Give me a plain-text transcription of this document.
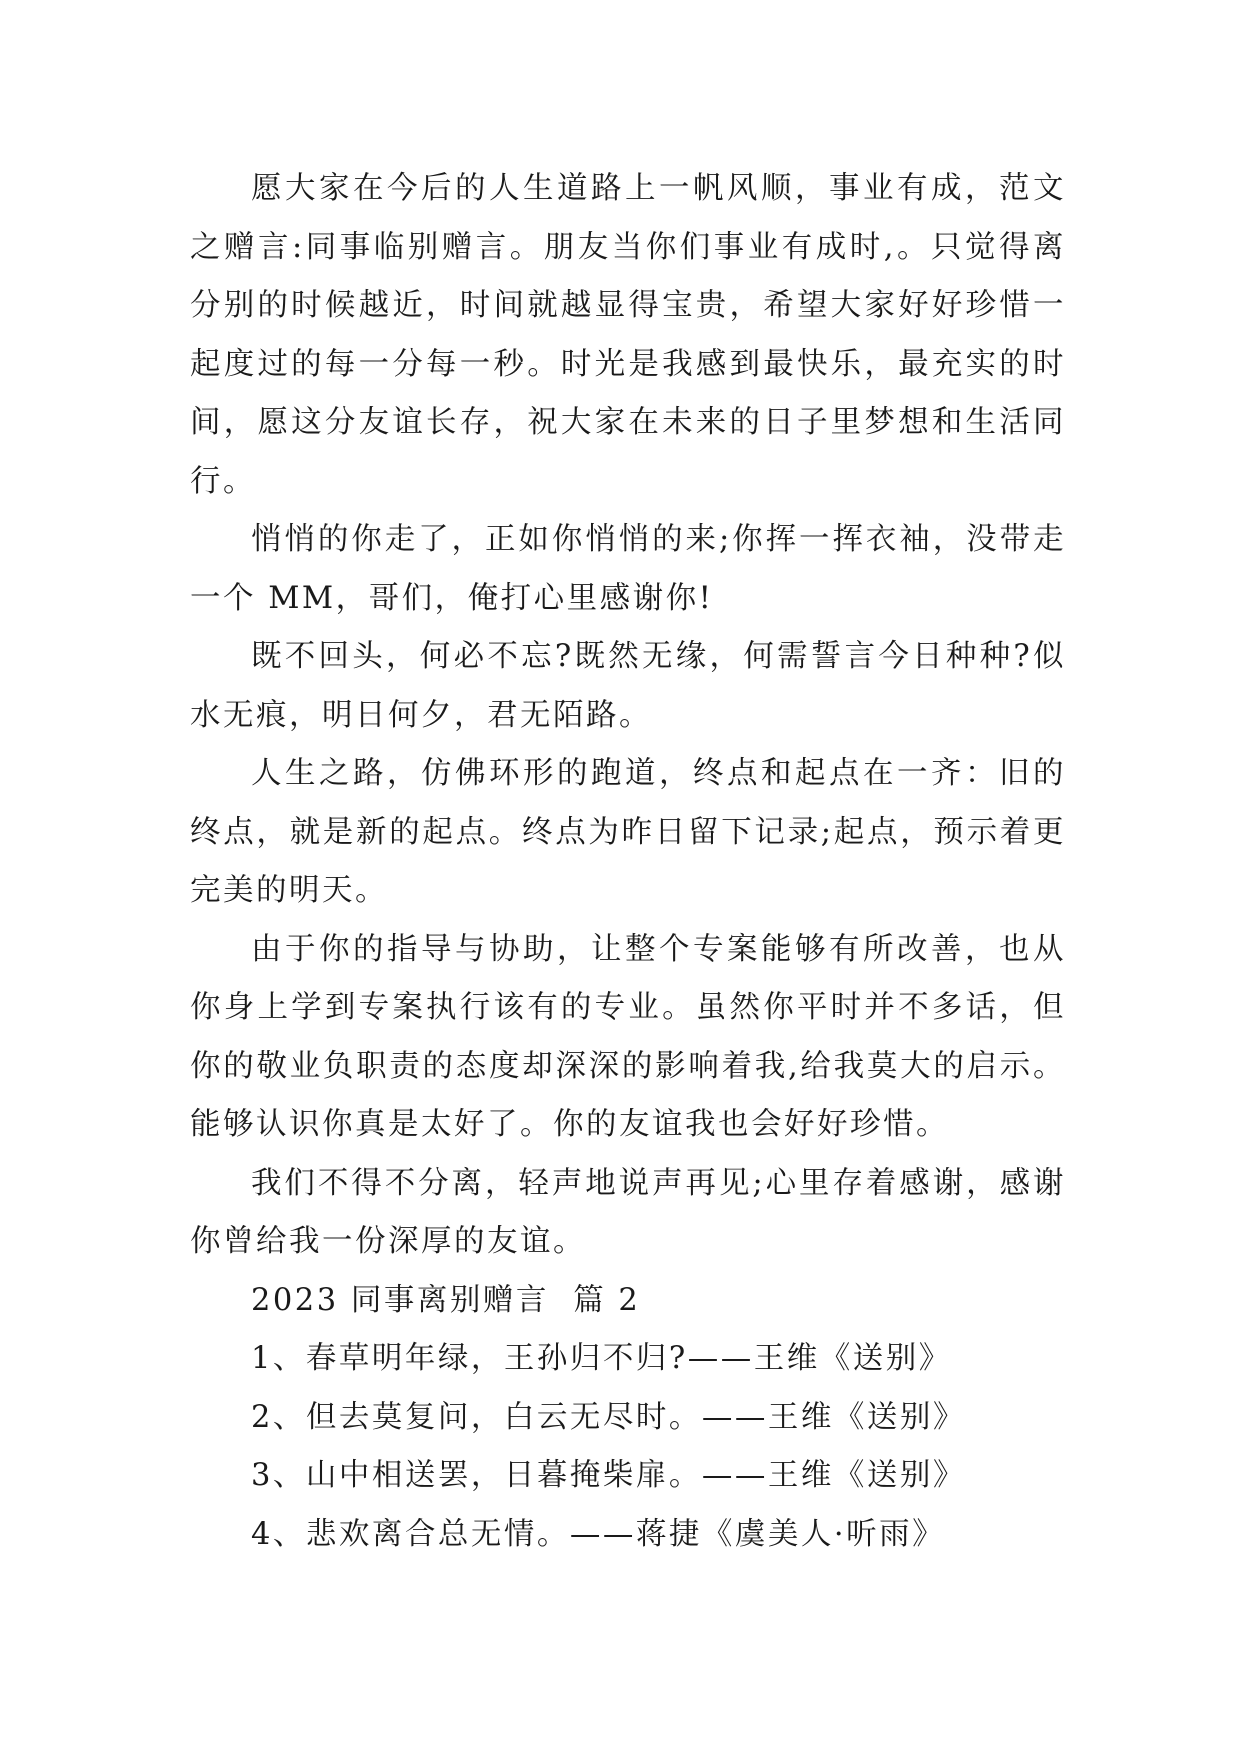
愿大家在今后的人生道路上一帆风顺，事业有成，范文之赠言:同事临别赠言。朋友当你们事业有成时,。只觉得离分别的时候越近，时间就越显得宝贵，希望大家好好珍惜一起度过的每一分每一秒。时光是我感到最快乐，最充实的时间，愿这分友谊长存，祝大家在未来的日子里梦想和生活同行。

悄悄的你走了，正如你悄悄的来;你挥一挥衣袖，没带走一个 MM，哥们，俺打心里感谢你!

既不回头，何必不忘?既然无缘，何需誓言今日种种?似水无痕，明日何夕，君无陌路。

人生之路，仿佛环形的跑道，终点和起点在一齐：旧的终点，就是新的起点。终点为昨日留下记录;起点，预示着更完美的明天。

由于你的指导与协助，让整个专案能够有所改善，也从你身上学到专案执行该有的专业。虽然你平时并不多话，但你的敬业负职责的态度却深深的影响着我,给我莫大的启示。能够认识你真是太好了。你的友谊我也会好好珍惜。

我们不得不分离，轻声地说声再见;心里存着感谢，感谢你曾给我一份深厚的友谊。

2023 同事离别赠言  篇 2

1、春草明年绿，王孙归不归?——王维《送别》

2、但去莫复问，白云无尽时。——王维《送别》

3、山中相送罢，日暮掩柴扉。——王维《送别》

4、悲欢离合总无情。——蒋捷《虞美人·听雨》
